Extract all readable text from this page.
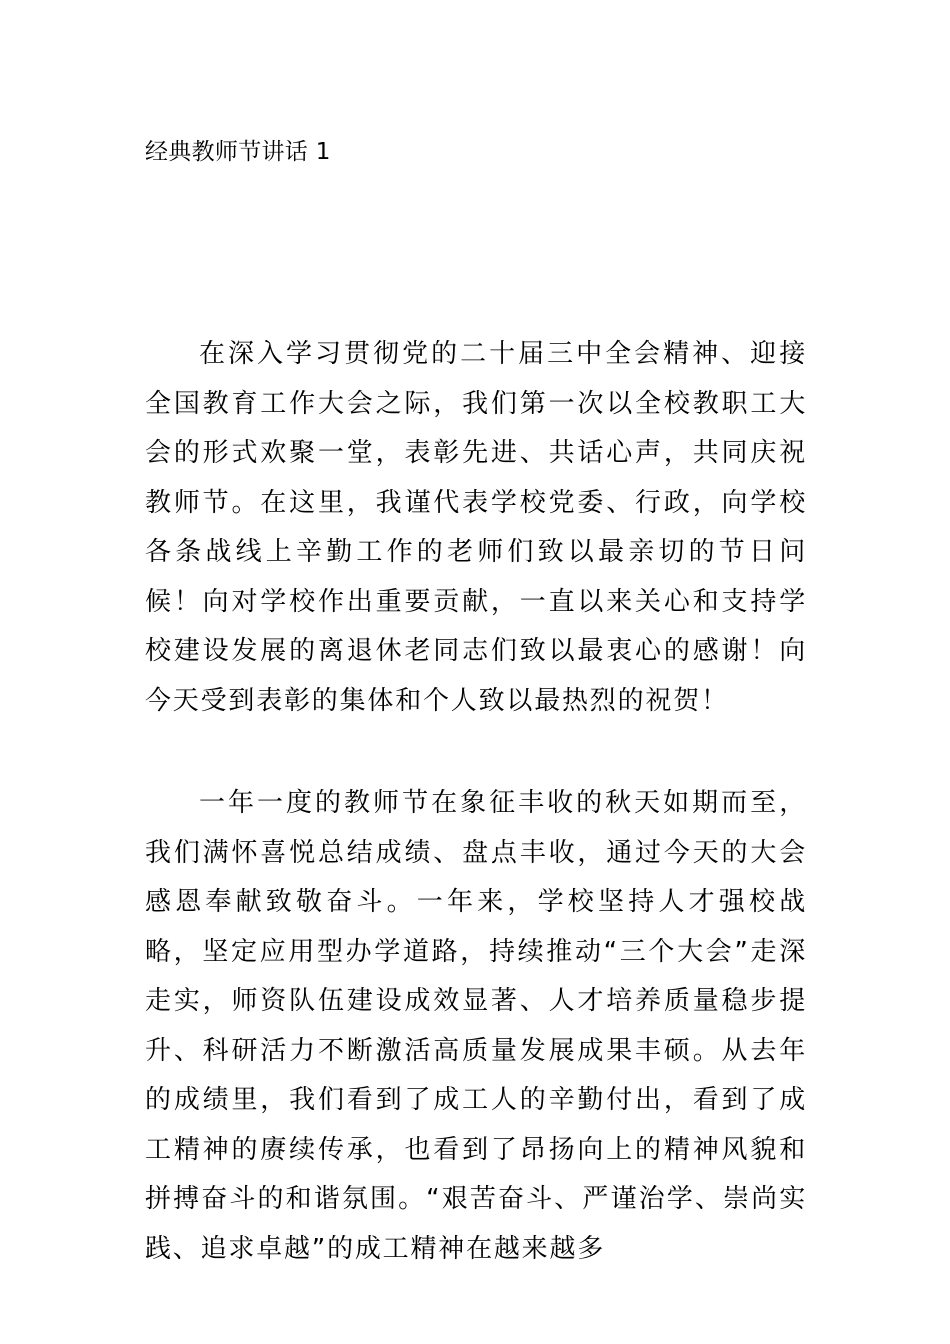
经典教师节讲话 1

在深入学习贯彻党的二十届三中全会精神、迎接全国教育工作大会之际，我们第一次以全校教职工大会的形式欢聚一堂，表彰先进、共话心声，共同庆祝教师节。在这里，我谨代表学校党委、行政，向学校各条战线上辛勤工作的老师们致以最亲切的节日问候！向对学校作出重要贡献，一直以来关心和支持学校建设发展的离退休老同志们致以最衷心的感谢！向今天受到表彰的集体和个人致以最热烈的祝贺！

一年一度的教师节在象征丰收的秋天如期而至，我们满怀喜悦总结成绩、盘点丰收，通过今天的大会感恩奉献致敬奋斗。一年来，学校坚持人才强校战略，坚定应用型办学道路，持续推动“三个大会”走深走实，师资队伍建设成效显著、人才培养质量稳步提升、科研活力不断激活高质量发展成果丰硕。从去年的成绩里，我们看到了成工人的辛勤付出，看到了成工精神的赓续传承，也看到了昂扬向上的精神风貌和拼搏奋斗的和谐氛围。“艰苦奋斗、严谨治学、崇尚实践、追求卓越”的成工精神在越来越多
